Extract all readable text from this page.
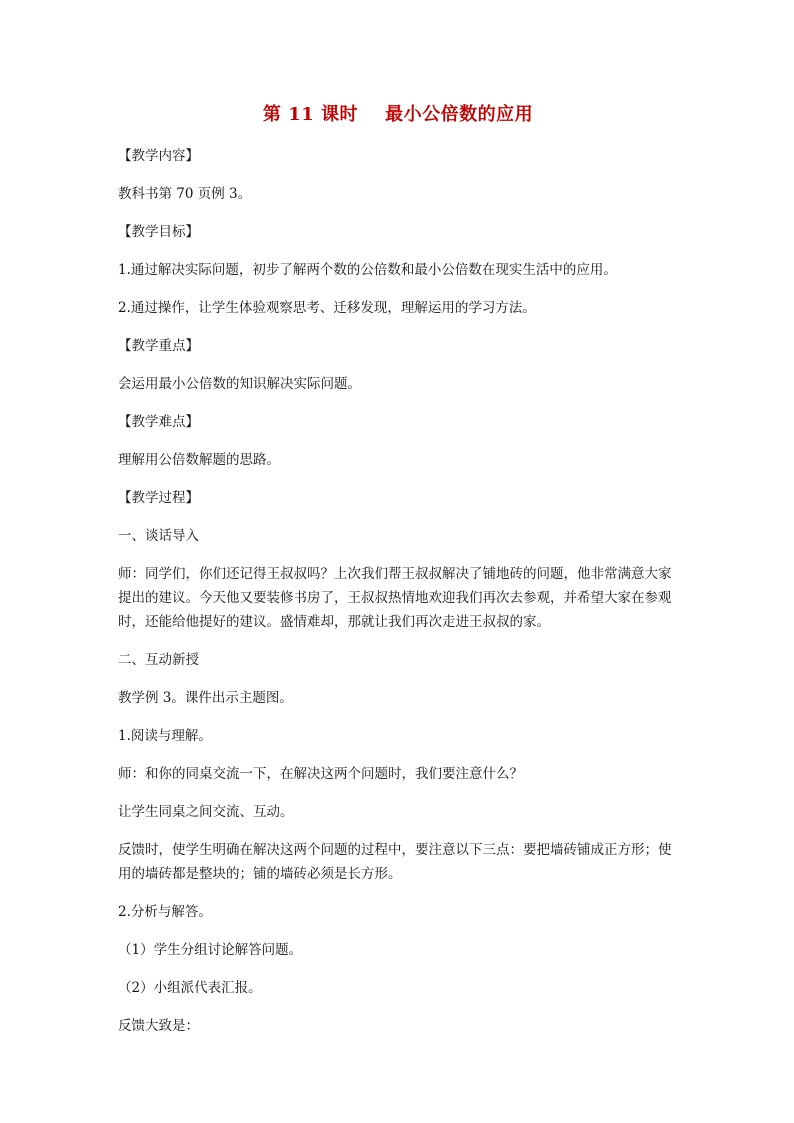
第 11 课时    最小公倍数的应用
【教学内容】
教科书第 70 页例 3。
【教学目标】
1.通过解决实际问题，初步了解两个数的公倍数和最小公倍数在现实生活中的应用。
2.通过操作，让学生体验观察思考、迁移发现，理解运用的学习方法。
【教学重点】
会运用最小公倍数的知识解决实际问题。
【教学难点】
理解用公倍数解题的思路。
【教学过程】
一、谈话导入
师：同学们，你们还记得王叔叔吗？上次我们帮王叔叔解决了铺地砖的问题，他非常满意大家提出的建议。今天他又要装修书房了，王叔叔热情地欢迎我们再次去参观，并希望大家在参观时，还能给他提好的建议。盛情难却，那就让我们再次走进王叔叔的家。
二、互动新授
教学例 3。课件出示主题图。
1.阅读与理解。
师：和你的同桌交流一下，在解决这两个问题时，我们要注意什么？
让学生同桌之间交流、互动。
反馈时，使学生明确在解决这两个问题的过程中，要注意以下三点：要把墙砖铺成正方形；使用的墙砖都是整块的；铺的墙砖必须是长方形。
2.分析与解答。
（1）学生分组讨论解答问题。
（2）小组派代表汇报。
反馈大致是：
